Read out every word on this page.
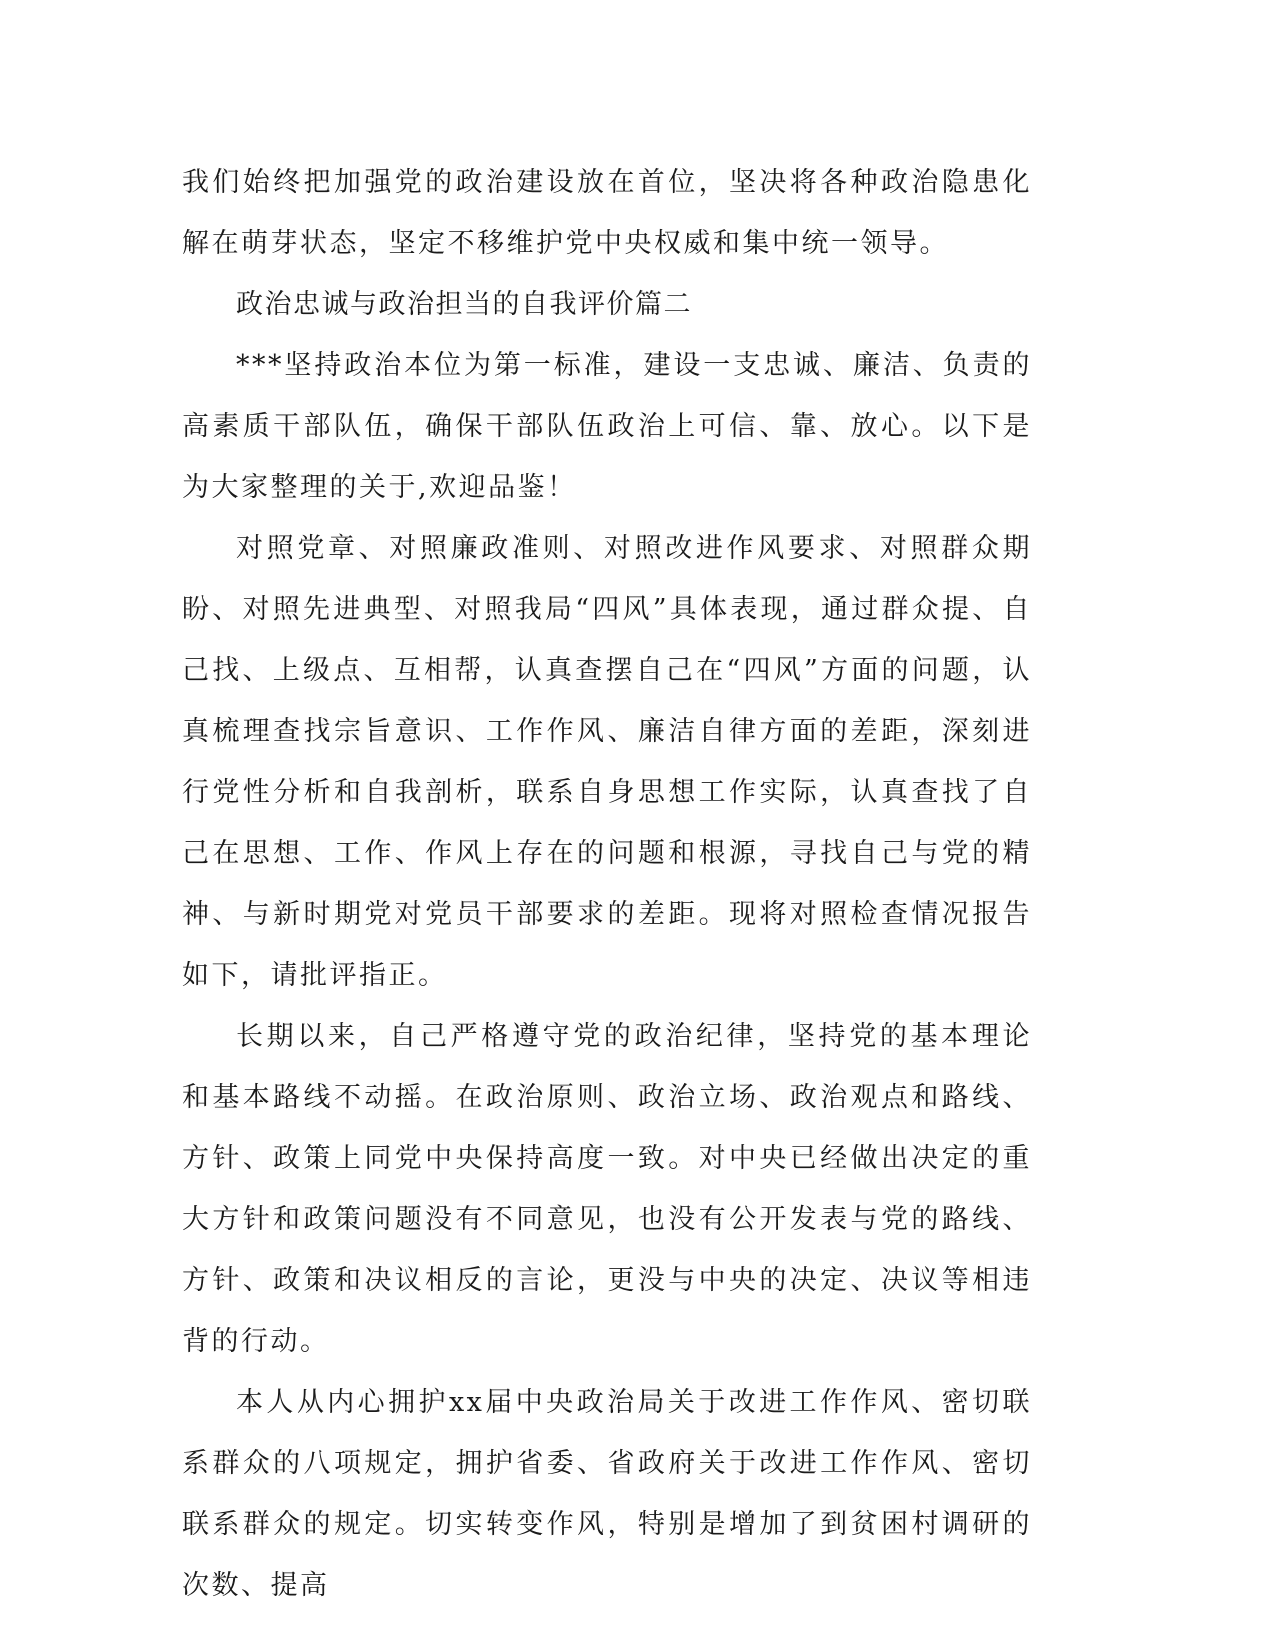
我们始终把加强党的政治建设放在首位，坚决将各种政治隐患化解在萌芽状态，坚定不移维护党中央权威和集中统一领导。

政治忠诚与政治担当的自我评价篇二

***坚持政治本位为第一标准，建设一支忠诚、廉洁、负责的高素质干部队伍，确保干部队伍政治上可信、靠、放心。以下是为大家整理的关于,欢迎品鉴！

对照党章、对照廉政准则、对照改进作风要求、对照群众期盼、对照先进典型、对照我局“四风”具体表现，通过群众提、自己找、上级点、互相帮，认真查摆自己在“四风”方面的问题，认真梳理查找宗旨意识、工作作风、廉洁自律方面的差距，深刻进行党性分析和自我剖析，联系自身思想工作实际，认真查找了自己在思想、工作、作风上存在的问题和根源，寻找自己与党的精神、与新时期党对党员干部要求的差距。现将对照检查情况报告如下，请批评指正。

长期以来，自己严格遵守党的政治纪律，坚持党的基本理论和基本路线不动摇。在政治原则、政治立场、政治观点和路线、方针、政策上同党中央保持高度一致。对中央已经做出决定的重大方针和政策问题没有不同意见，也没有公开发表与党的路线、方针、政策和决议相反的言论，更没与中央的决定、决议等相违背的行动。

本人从内心拥护xx届中央政治局关于改进工作作风、密切联系群众的八项规定，拥护省委、省政府关于改进工作作风、密切联系群众的规定。切实转变作风，特别是增加了到贫困村调研的次数、提高
